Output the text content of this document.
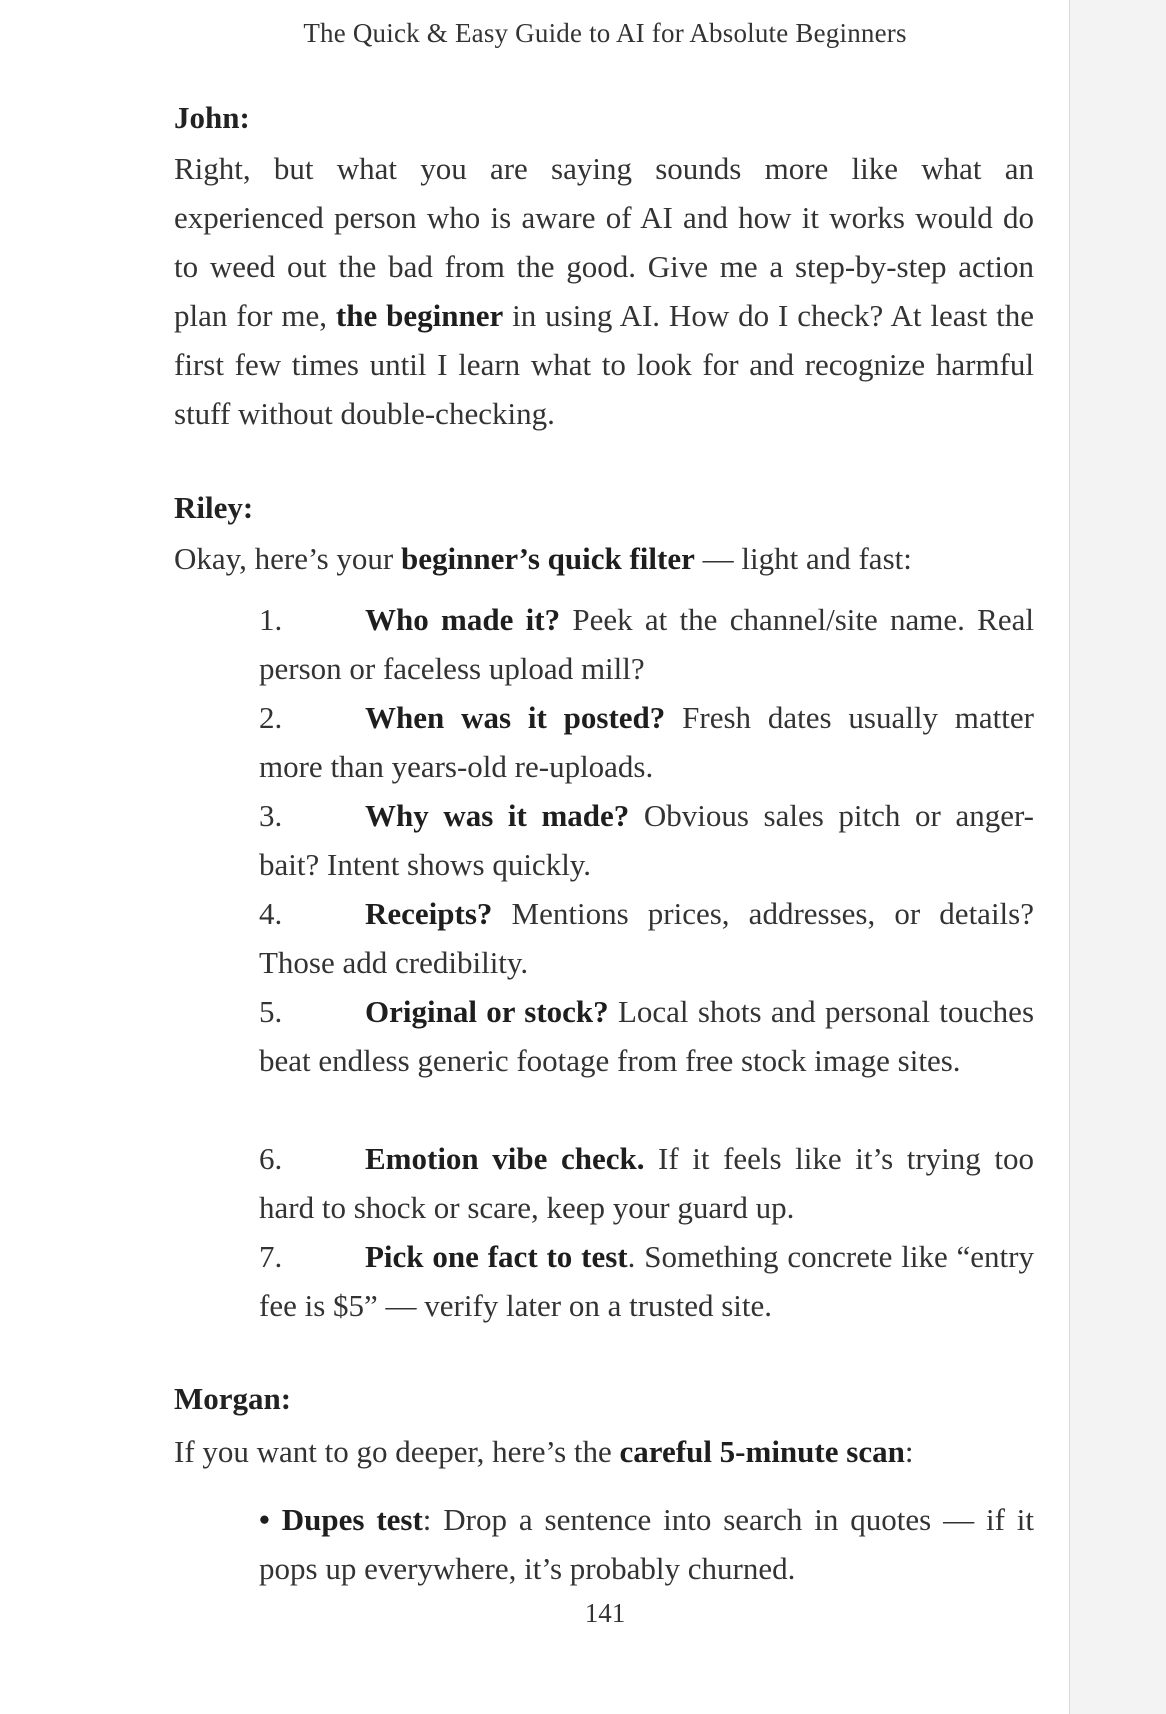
The Quick & Easy Guide to AI for Absolute Beginners
John:
Right, but what you are saying sounds more like what an experienced person who is aware of AI and how it works would do to weed out the bad from the good. Give me a step-by-step action plan for me, the beginner in using AI. How do I check? At least the first few times until I learn what to look for and recognize harmful stuff without double-checking.
Riley:
Okay, here’s your beginner’s quick filter — light and fast:
1.	Who made it? Peek at the channel/site name. Real person or faceless upload mill?
2.	When was it posted? Fresh dates usually matter more than years-old re-uploads.
3.	Why was it made? Obvious sales pitch or anger-bait? Intent shows quickly.
4.	Receipts? Mentions prices, addresses, or details? Those add credibility.
5.	Original or stock? Local shots and personal touches beat endless generic footage from free stock image sites.
6.	Emotion vibe check. If it feels like it’s trying too hard to shock or scare, keep your guard up.
7.	Pick one fact to test. Something concrete like “entry fee is $5” — verify later on a trusted site.
Morgan:
If you want to go deeper, here’s the careful 5-minute scan:
• Dupes test: Drop a sentence into search in quotes — if it pops up everywhere, it’s probably churned.
141
